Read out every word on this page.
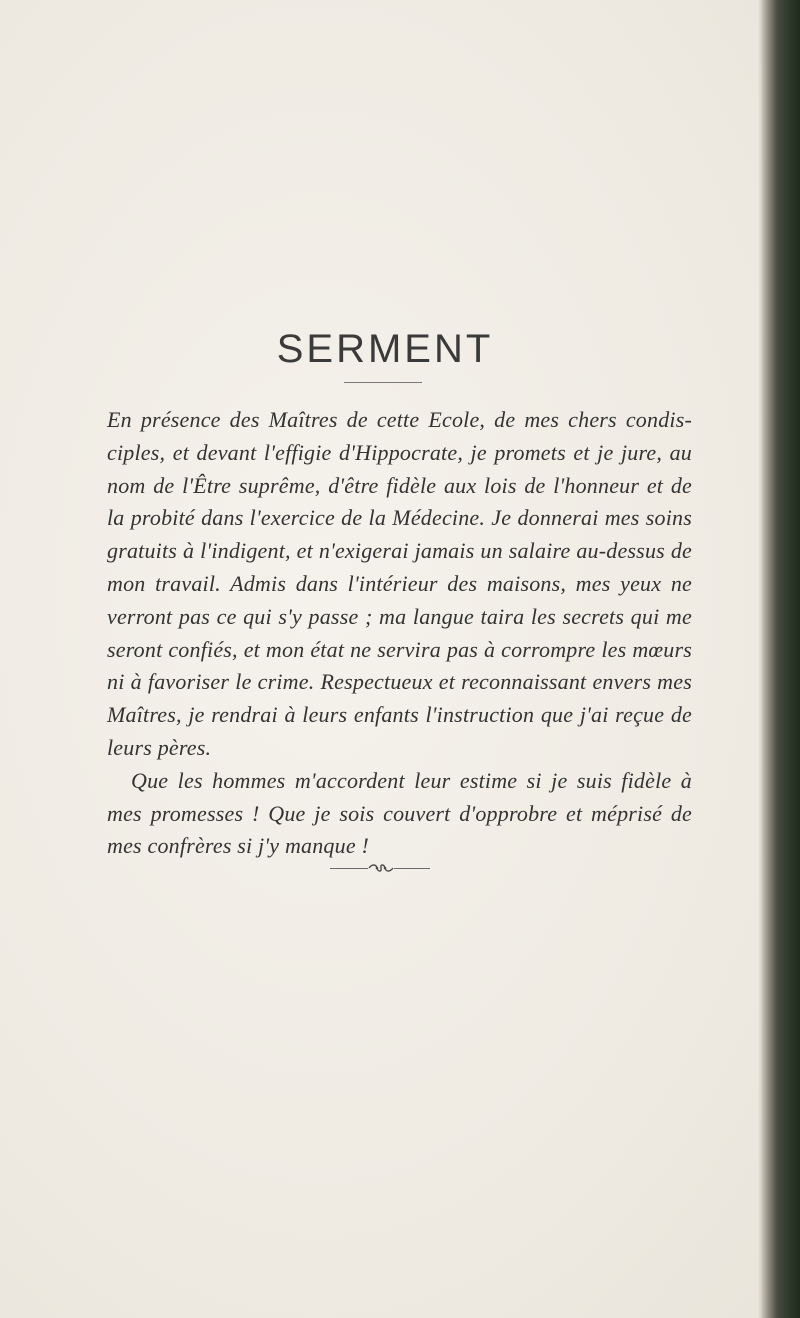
SERMENT

En présence des Maîtres de cette Ecole, de mes chers condis-ciples, et devant l'effigie d'Hippocrate, je promets et je jure, au nom de l'Être suprême, d'être fidèle aux lois de l'honneur et de la probité dans l'exercice de la Médecine. Je donnerai mes soins gratuits à l'indigent, et n'exigerai jamais un salaire au-dessus de mon travail. Admis dans l'intérieur des maisons, mes yeux ne verront pas ce qui s'y passe ; ma langue taira les secrets qui me seront confiés, et mon état ne servira pas à corrompre les mœurs ni à favoriser le crime. Respectueux et reconnaissant envers mes Maîtres, je rendrai à leurs enfants l'instruction que j'ai reçue de leurs pères.

Que les hommes m'accordent leur estime si je suis fidèle à mes promesses ! Que je sois couvert d'opprobre et méprisé de mes confrères si j'y manque !
